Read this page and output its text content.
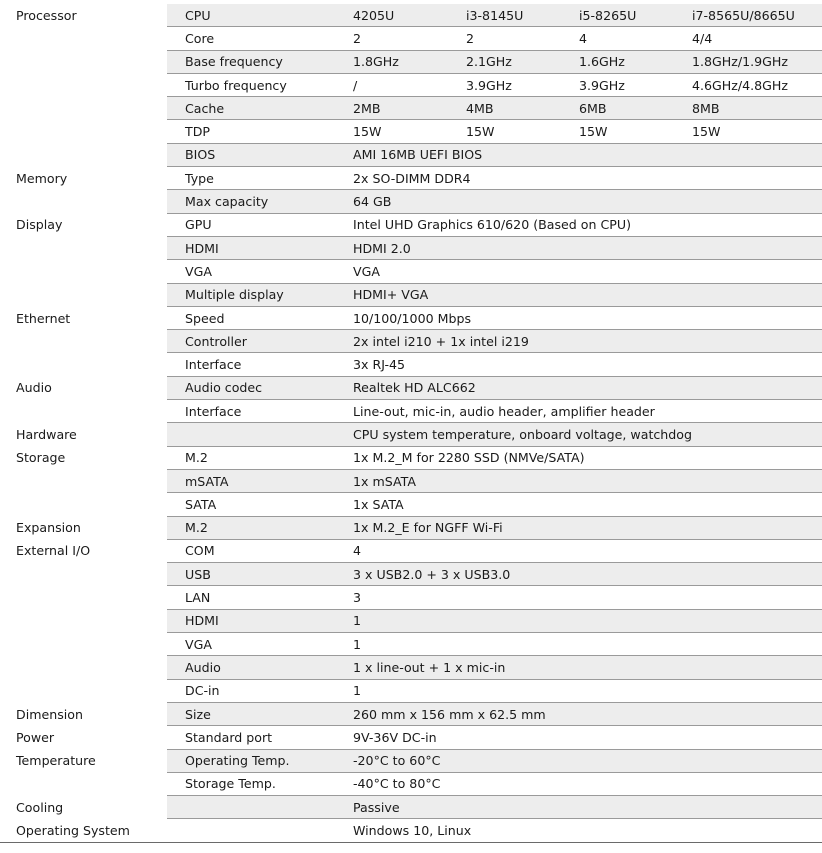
Processor	CPU	4205U	i3-8145U	i5-8265U	i7-8565U/8665U
	Core	2	2	4	4/4
	Base frequency	1.8GHz	2.1GHz	1.6GHz	1.8GHz/1.9GHz
	Turbo frequency	/	3.9GHz	3.9GHz	4.6GHz/4.8GHz
	Cache	2MB	4MB	6MB	8MB
	TDP	15W	15W	15W	15W
	BIOS	AMI 16MB UEFI BIOS			
Memory	Type	2x SO-DIMM DDR4			
	Max capacity	64 GB			
Display	GPU	Intel UHD Graphics 610/620 (Based on CPU)			
	HDMI	HDMI 2.0			
	VGA	VGA			
	Multiple display	HDMI+ VGA			
Ethernet	Speed	10/100/1000 Mbps			
	Controller	2x intel i210 + 1x intel i219			
	Interface	3x RJ-45			
Audio	Audio codec	Realtek HD ALC662			
	Interface	Line-out, mic-in, audio header, amplifier header			
Hardware		CPU system temperature, onboard voltage, watchdog			
Storage	M.2	1x M.2_M for 2280 SSD (NMVe/SATA)			
	mSATA	1x mSATA			
	SATA	1x SATA			
Expansion	M.2	1x M.2_E for NGFF Wi-Fi			
External I/O	COM	4			
	USB	3 x USB2.0 + 3 x USB3.0			
	LAN	3			
	HDMI	1			
	VGA	1			
	Audio	1 x line-out + 1 x mic-in			
	DC-in	1			
Dimension	Size	260 mm x 156 mm x 62.5 mm			
Power	Standard port	9V-36V DC-in			
Temperature	Operating Temp.	-20°C to 60°C			
	Storage Temp.	-40°C to 80°C			
Cooling		Passive			
Operating System		Windows 10, Linux			
